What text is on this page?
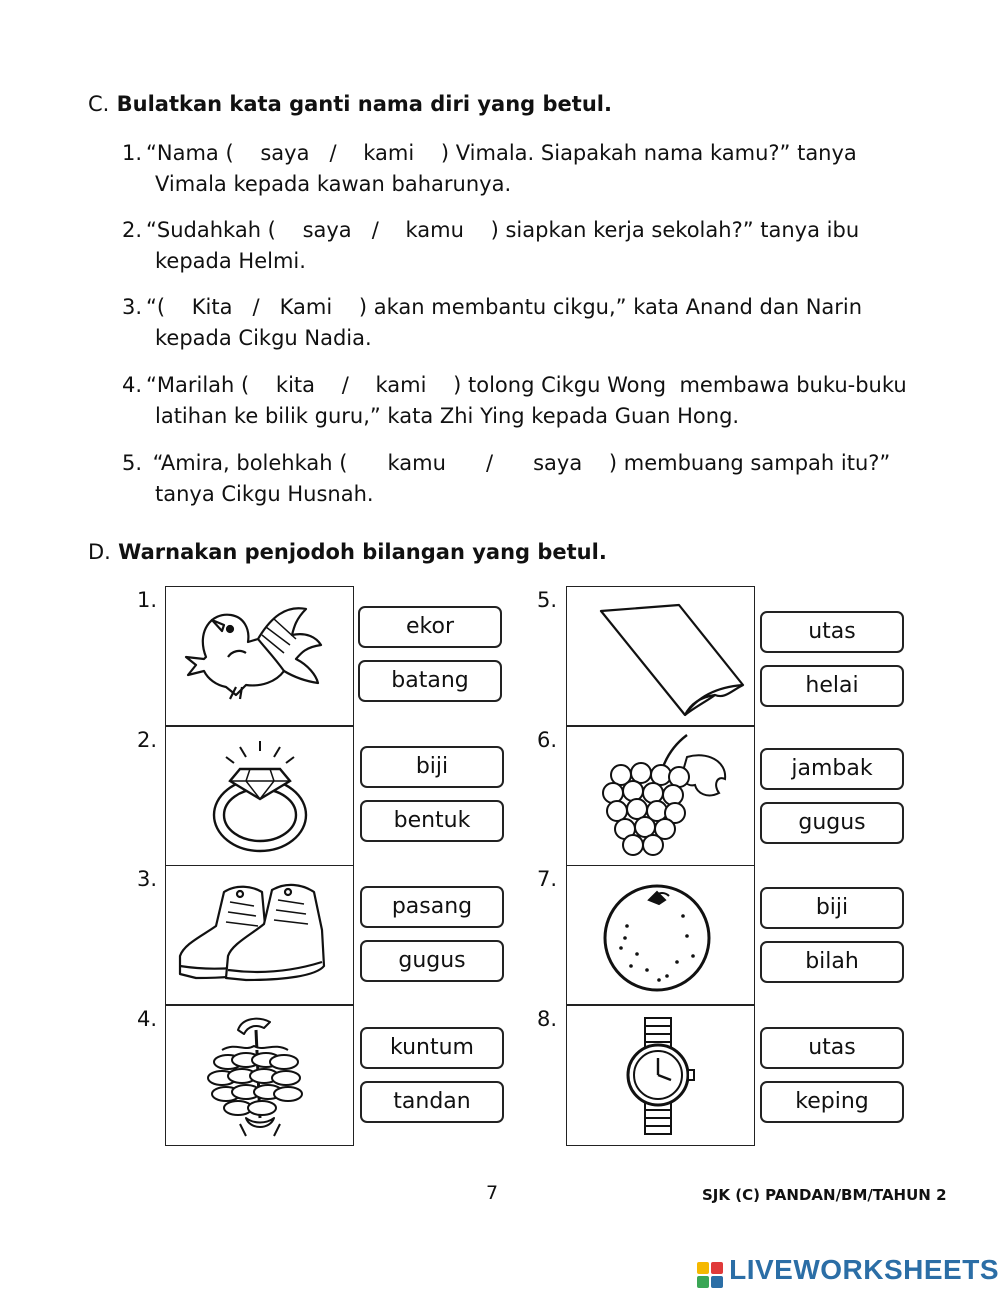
C. Bulatkan kata ganti nama diri yang betul.
1. “Nama (    saya   /    kami    ) Vimala. Siapakah nama kamu?” tanya
Vimala kepada kawan baharunya.
2. “Sudahkah (    saya   /    kamu    ) siapkan kerja sekolah?” tanya ibu
kepada Helmi.
3. “(    Kita   /   Kami    ) akan membantu cikgu,” kata Anand dan Narin
kepada Cikgu Nadia.
4. “Marilah (    kita    /    kami    ) tolong Cikgu Wong  membawa buku-buku
latihan ke bilik guru,” kata Zhi Ying kepada Guan Hong.
5. “Amira, bolehkah (      kamu      /      saya    ) membuang sampah itu?”
tanya Cikgu Husnah.
D. Warnakan penjodoh bilangan yang betul.
1.
2.
3.
4.
5.
6.
7.
8.
ekor
batang
biji
bentuk
pasang
gugus
kuntum
tandan
utas
helai
jambak
gugus
biji
bilah
utas
keping
7	SJK (C) PANDAN/BM/TAHUN 2
LIVEWORKSHEETS
